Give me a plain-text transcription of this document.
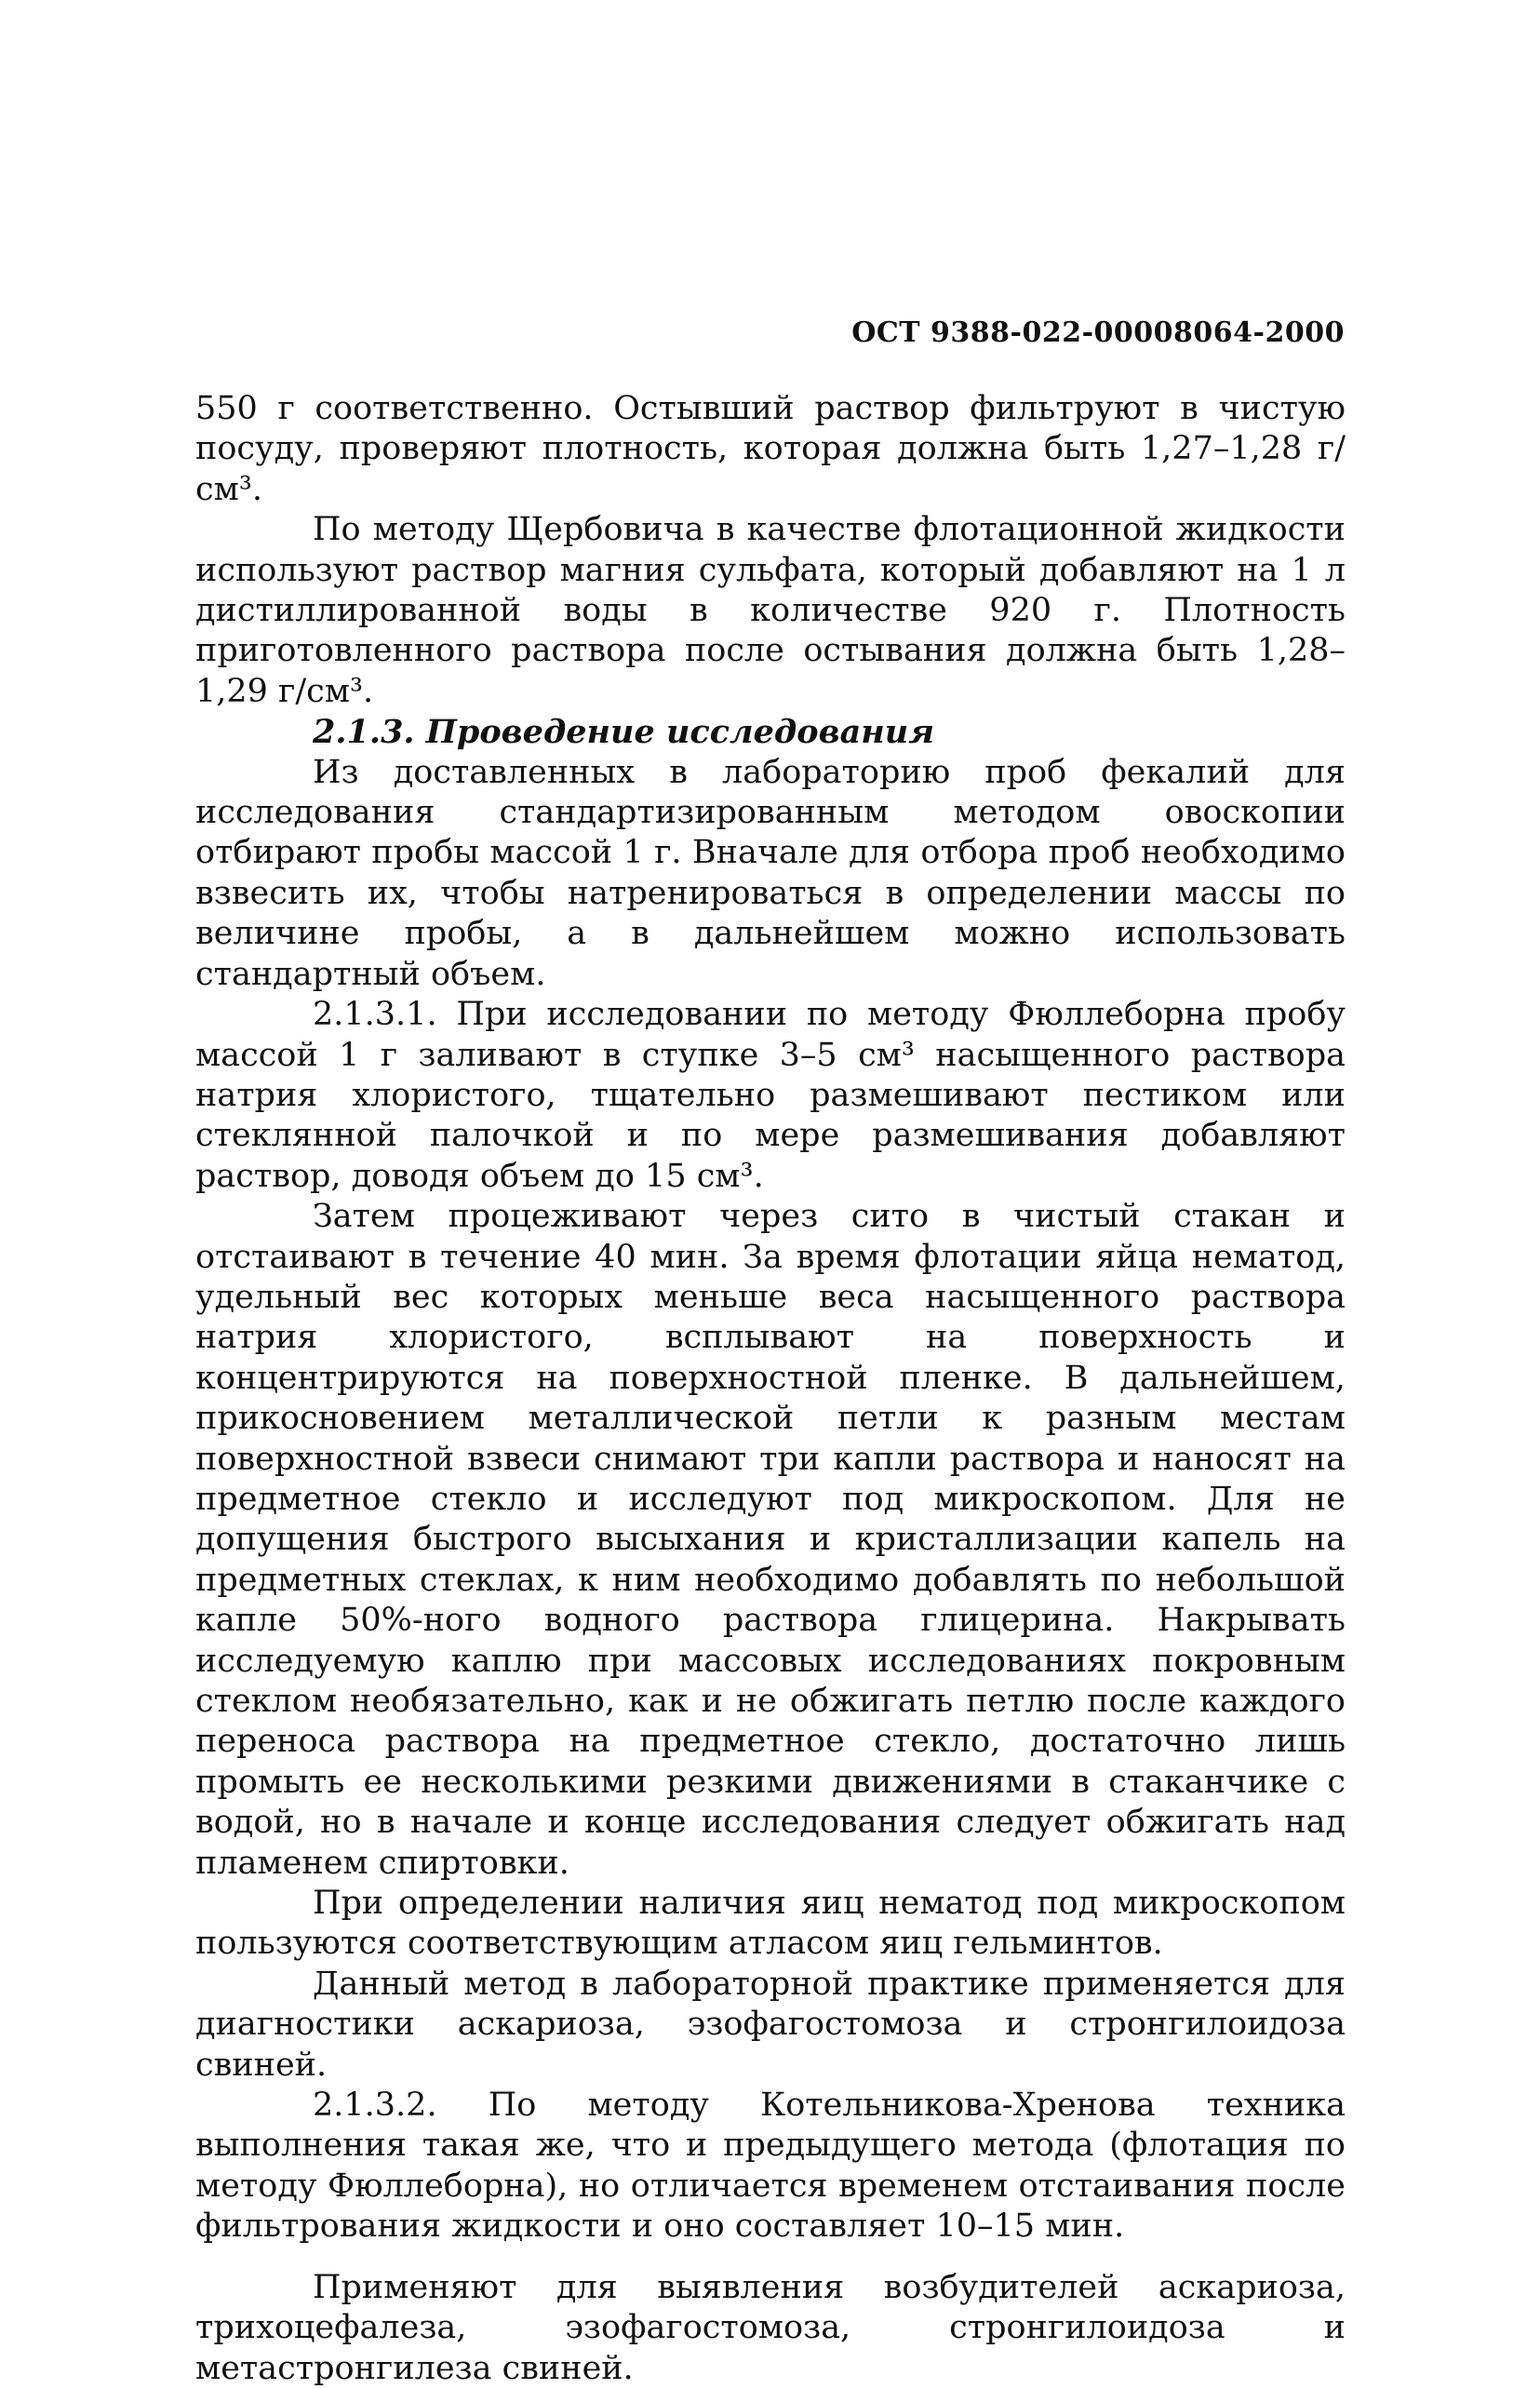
ОСТ 9388-022-00008064-2000

550 г соответственно. Остывший раствор фильтруют в чистую посуду, проверяют плотность, которая должна быть 1,27–1,28 г/см³.

По методу Щербовича в качестве флотационной жидкости используют раствор магния сульфата, который добавляют на 1 л дистиллированной воды в количестве 920 г. Плотность приготовленного раствора после остывания должна быть 1,28–1,29 г/см³.

2.1.3. Проведение исследования

Из доставленных в лабораторию проб фекалий для исследования стандартизированным методом овоскопии отбирают пробы массой 1 г. Вначале для отбора проб необходимо взвесить их, чтобы натренироваться в определении массы по величине пробы, а в дальнейшем можно использовать стандартный объем.

2.1.3.1. При исследовании по методу Фюллеборна пробу массой 1 г заливают в ступке 3–5 см³ насыщенного раствора натрия хлористого, тщательно размешивают пестиком или стеклянной палочкой и по мере размешивания добавляют раствор, доводя объем до 15 см³.

Затем процеживают через сито в чистый стакан и отстаивают в течение 40 мин. За время флотации яйца нематод, удельный вес которых меньше веса насыщенного раствора натрия хлористого, всплывают на поверхность и концентрируются на поверхностной пленке. В дальнейшем, прикосновением металлической петли к разным местам поверхностной взвеси снимают три капли раствора и наносят на предметное стекло и исследуют под микроскопом. Для не допущения быстрого высыхания и кристаллизации капель на предметных стеклах, к ним необходимо добавлять по небольшой капле 50%-ного водного раствора глицерина. Накрывать исследуемую каплю при массовых исследованиях покровным стеклом необязательно, как и не обжигать петлю после каждого переноса раствора на предметное стекло, достаточно лишь промыть ее несколькими резкими движениями в стаканчике с водой, но в начале и конце исследования следует обжигать над пламенем спиртовки.

При определении наличия яиц нематод под микроскопом пользуются соответствующим атласом яиц гельминтов.

Данный метод в лабораторной практике применяется для диагностики аскариоза, эзофагостомоза и стронгилоидоза свиней.

2.1.3.2. По методу Котельникова-Хренова техника выполнения такая же, что и предыдущего метода (флотация по методу Фюллеборна), но отличается временем отстаивания после фильтрования жидкости и оно составляет 10–15 мин.

Применяют для выявления возбудителей аскариоза, трихоцефалеза, эзофагостомоза, стронгилоидоза и метастронгилеза свиней.
